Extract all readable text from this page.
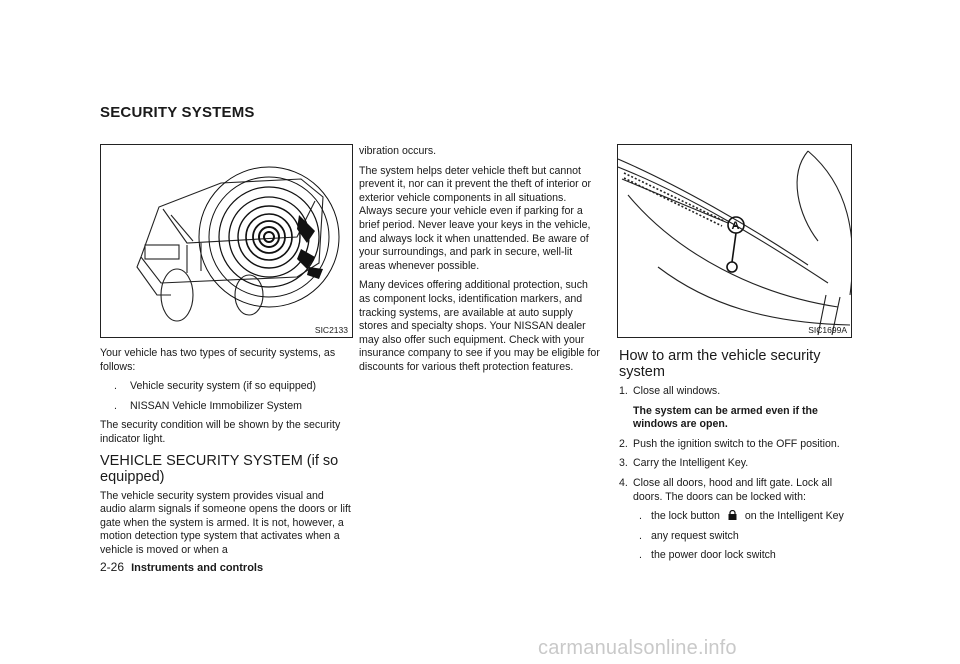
SECURITY SYSTEMS
SIC2133

Your vehicle has two types of security systems, as follows:

. Vehicle security system (if so equipped)
. NISSAN Vehicle Immobilizer System

The security condition will be shown by the security indicator light.

VEHICLE SECURITY SYSTEM (if so equipped)

The vehicle security system provides visual and audio alarm signals if someone opens the doors or lift gate when the system is armed. It is not, however, a motion detection type system that activates when a vehicle is moved or when a

vibration occurs.

The system helps deter vehicle theft but cannot prevent it, nor can it prevent the theft of interior or exterior vehicle components in all situations. Always secure your vehicle even if parking for a brief period. Never leave your keys in the vehicle, and always lock it when unattended. Be aware of your surroundings, and park in secure, well-lit areas whenever possible.

Many devices offering additional protection, such as component locks, identification markers, and tracking systems, are available at auto supply stores and specialty shops. Your NISSAN dealer may also offer such equipment. Check with your insurance company to see if you may be eligible for discounts for various theft protection features.

A
SIC1699A
How to arm the vehicle security system
1. Close all windows.

The system can be armed even if the windows are open.

2. Push the ignition switch to the OFF position.
3. Carry the Intelligent Key.
4. Close all doors, hood and lift gate. Lock all doors. The doors can be locked with:
. the lock button on the Intelligent Key
. any request switch
. the power door lock switch
2-26 Instruments and controls
carmanualsonline.info
